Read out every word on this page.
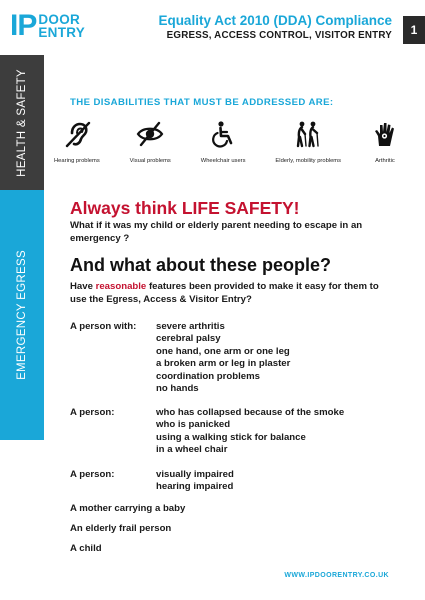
IP DOOR
ENTRY
Equality Act 2010 (DDA) Compliance
EGRESS, ACCESS CONTROL, VISITOR ENTRY	1
HEALTH & SAFETY
EMERGENCY EGRESS
THE DISABILITIES THAT MUST BE ADDRESSED ARE:
Hearing problems	Visual problems	Wheelchair users	Elderly, mobility problems	Arthritic
Always think LIFE SAFETY!
What if it was my child or elderly parent needing to escape in an emergency ?
And what about these people?
Have reasonable features been provided to make it easy for them to use the Egress, Access & Visitor Entry?
A person with:	severe arthritis
cerebral palsy
one hand, one arm or one leg
a broken arm or leg in plaster
coordination problems
no hands
A person:	who has collapsed because of the smoke
who is panicked
using a walking stick for balance
in a wheel chair
A person:	visually impaired
hearing impaired
A mother carrying a baby
An elderly frail person
A child
WWW.IPDOORENTRY.CO.UK
